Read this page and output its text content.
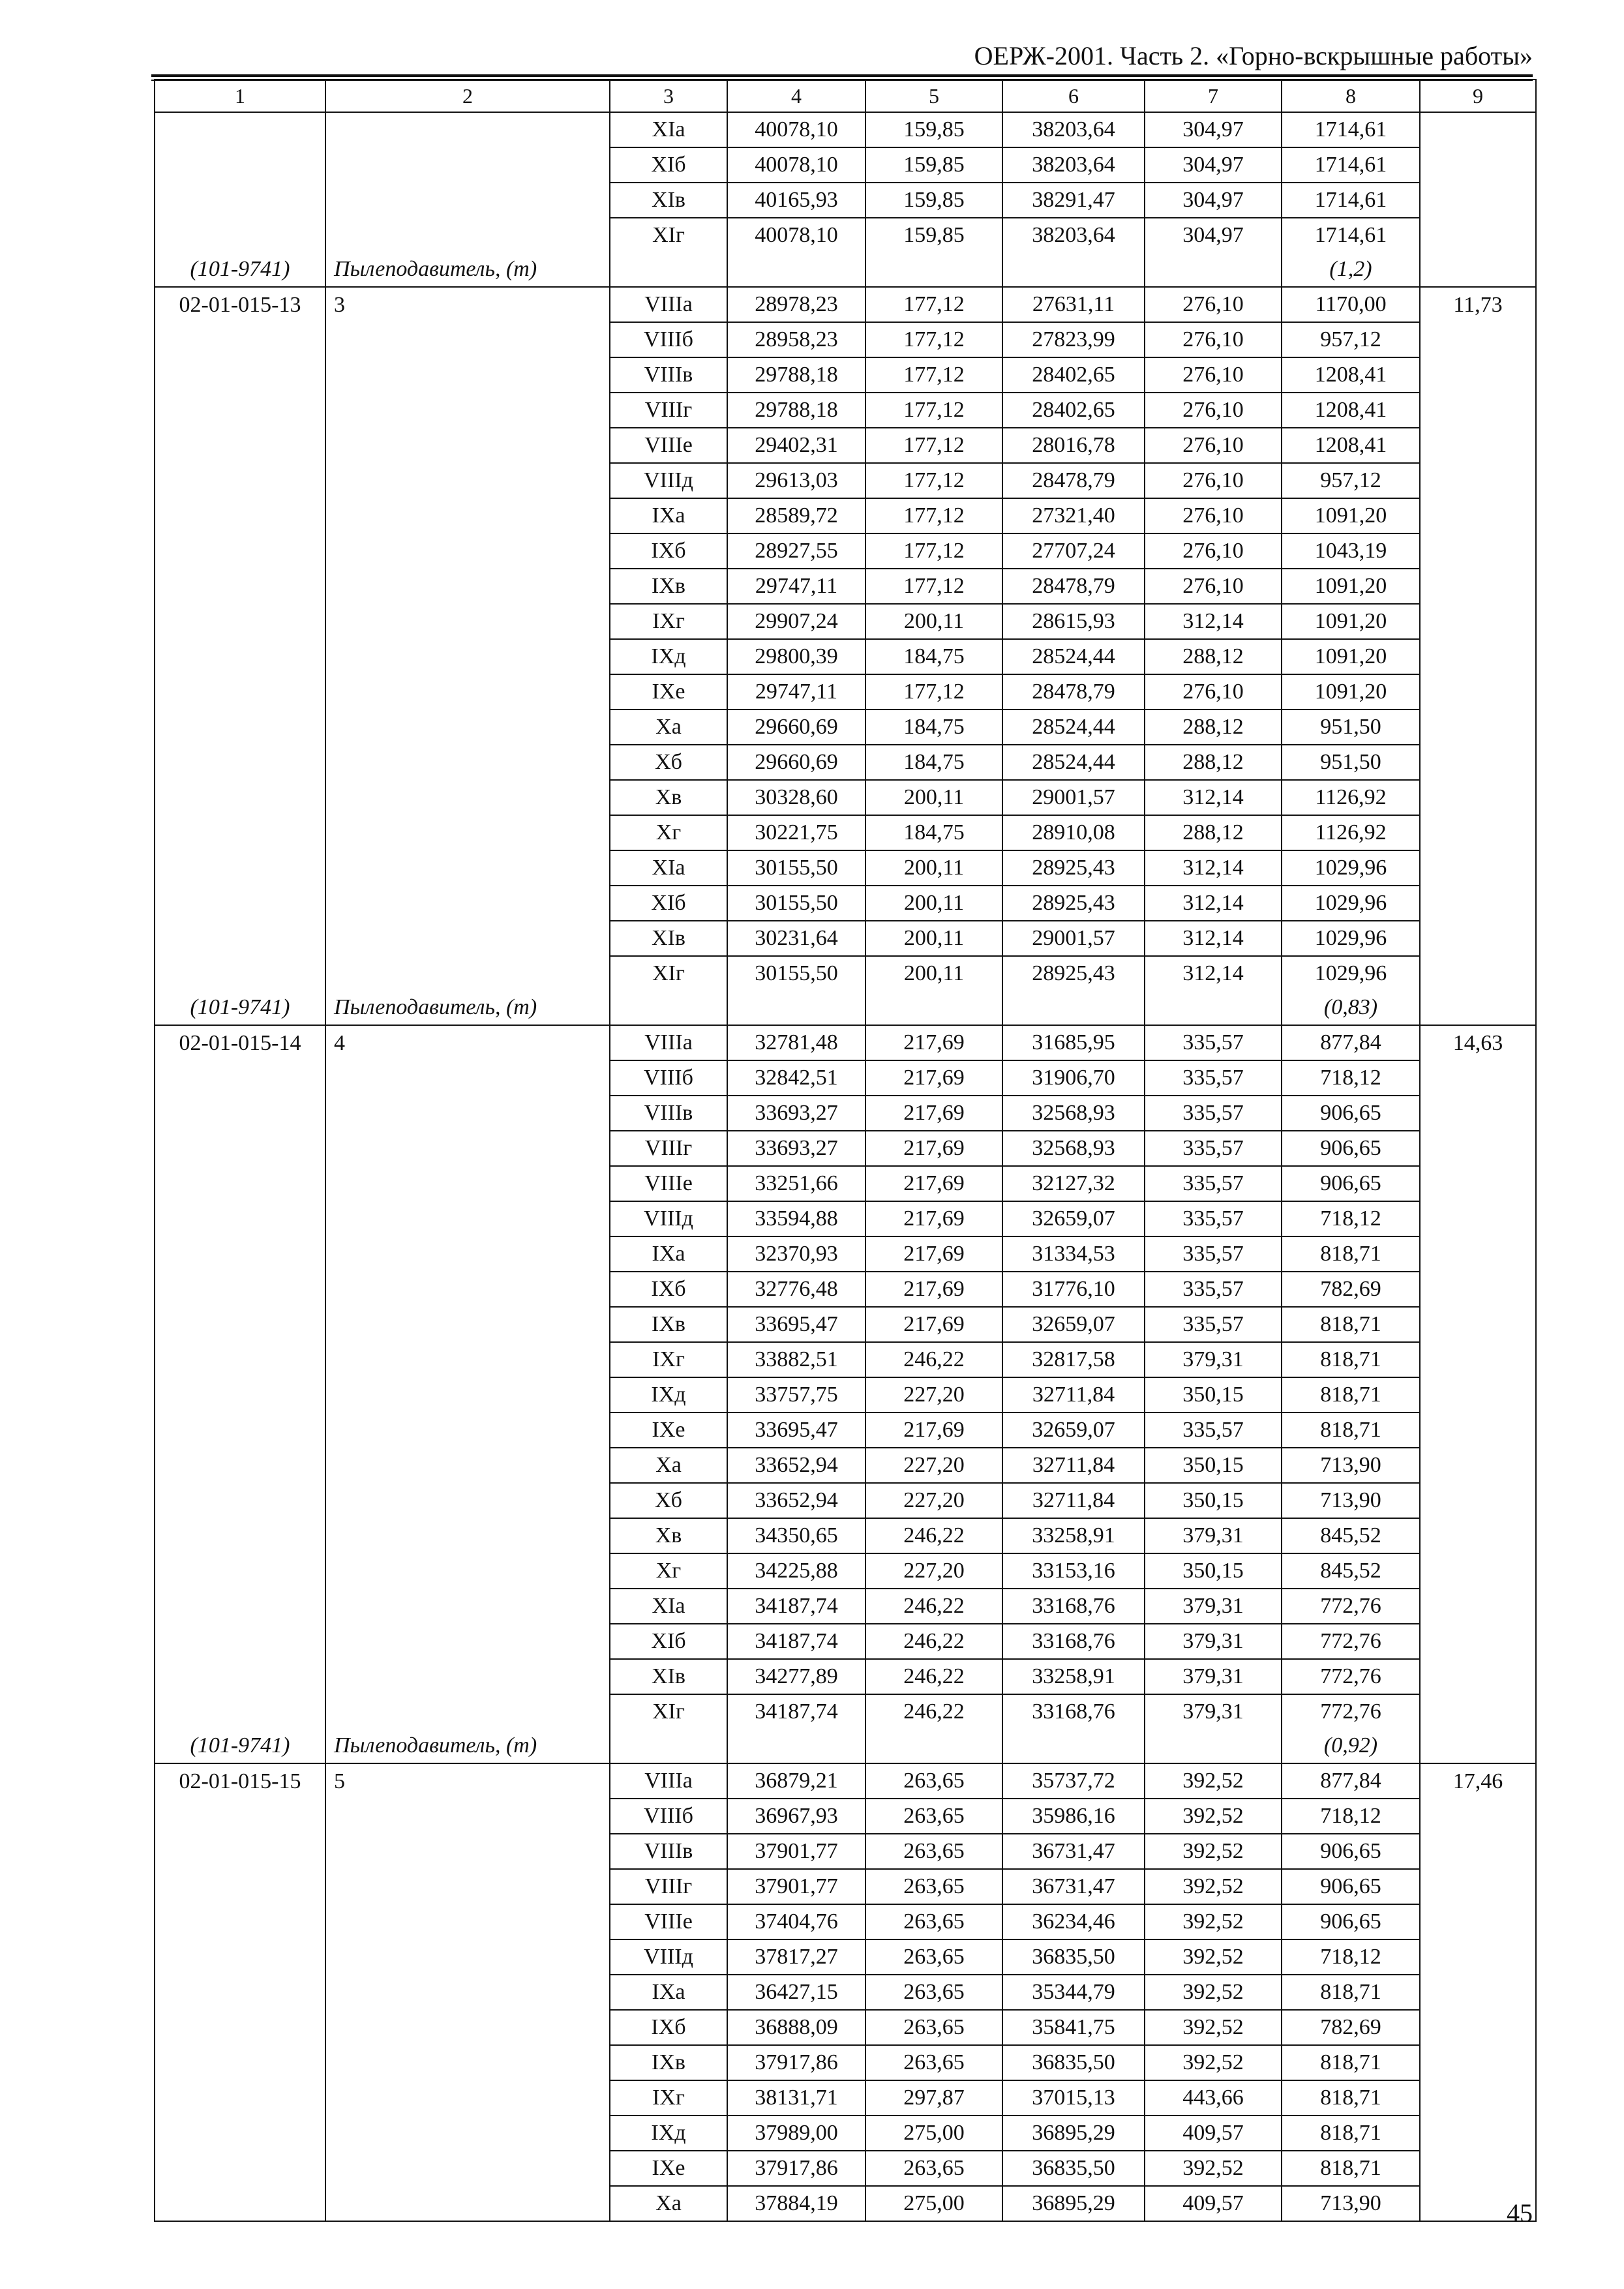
ОЕРЖ-2001. Часть 2. «Горно-вскрышные работы»
1	2	3	4	5	6	7	8	9
		XIа	40078,10	159,85	38203,64	304,97	1714,61	
		XIб	40078,10	159,85	38203,64	304,97	1714,61	
		XIв	40165,93	159,85	38291,47	304,97	1714,61	
		XIг	40078,10	159,85	38203,64	304,97	1714,61	
(101-9741)	Пылеподавитель, (т)						(1,2)	
02-01-015-13	3	VIIIа	28978,23	177,12	27631,11	276,10	1170,00	11,73
		VIIIб	28958,23	177,12	27823,99	276,10	957,12	
		VIIIв	29788,18	177,12	28402,65	276,10	1208,41	
		VIIIг	29788,18	177,12	28402,65	276,10	1208,41	
		VIIIе	29402,31	177,12	28016,78	276,10	1208,41	
		VIIIд	29613,03	177,12	28478,79	276,10	957,12	
		IXа	28589,72	177,12	27321,40	276,10	1091,20	
		IXб	28927,55	177,12	27707,24	276,10	1043,19	
		IXв	29747,11	177,12	28478,79	276,10	1091,20	
		IXг	29907,24	200,11	28615,93	312,14	1091,20	
		IXд	29800,39	184,75	28524,44	288,12	1091,20	
		IXе	29747,11	177,12	28478,79	276,10	1091,20	
		Xа	29660,69	184,75	28524,44	288,12	951,50	
		Xб	29660,69	184,75	28524,44	288,12	951,50	
		Xв	30328,60	200,11	29001,57	312,14	1126,92	
		Xг	30221,75	184,75	28910,08	288,12	1126,92	
		XIа	30155,50	200,11	28925,43	312,14	1029,96	
		XIб	30155,50	200,11	28925,43	312,14	1029,96	
		XIв	30231,64	200,11	29001,57	312,14	1029,96	
		XIг	30155,50	200,11	28925,43	312,14	1029,96	
(101-9741)	Пылеподавитель, (т)						(0,83)	
02-01-015-14	4	VIIIа	32781,48	217,69	31685,95	335,57	877,84	14,63
		VIIIб	32842,51	217,69	31906,70	335,57	718,12	
		VIIIв	33693,27	217,69	32568,93	335,57	906,65	
		VIIIг	33693,27	217,69	32568,93	335,57	906,65	
		VIIIе	33251,66	217,69	32127,32	335,57	906,65	
		VIIIд	33594,88	217,69	32659,07	335,57	718,12	
		IXа	32370,93	217,69	31334,53	335,57	818,71	
		IXб	32776,48	217,69	31776,10	335,57	782,69	
		IXв	33695,47	217,69	32659,07	335,57	818,71	
		IXг	33882,51	246,22	32817,58	379,31	818,71	
		IXд	33757,75	227,20	32711,84	350,15	818,71	
		IXе	33695,47	217,69	32659,07	335,57	818,71	
		Xа	33652,94	227,20	32711,84	350,15	713,90	
		Xб	33652,94	227,20	32711,84	350,15	713,90	
		Xв	34350,65	246,22	33258,91	379,31	845,52	
		Xг	34225,88	227,20	33153,16	350,15	845,52	
		XIа	34187,74	246,22	33168,76	379,31	772,76	
		XIб	34187,74	246,22	33168,76	379,31	772,76	
		XIв	34277,89	246,22	33258,91	379,31	772,76	
		XIг	34187,74	246,22	33168,76	379,31	772,76	
(101-9741)	Пылеподавитель, (т)						(0,92)	
02-01-015-15	5	VIIIа	36879,21	263,65	35737,72	392,52	877,84	17,46
		VIIIб	36967,93	263,65	35986,16	392,52	718,12	
		VIIIв	37901,77	263,65	36731,47	392,52	906,65	
		VIIIг	37901,77	263,65	36731,47	392,52	906,65	
		VIIIе	37404,76	263,65	36234,46	392,52	906,65	
		VIIIд	37817,27	263,65	36835,50	392,52	718,12	
		IXа	36427,15	263,65	35344,79	392,52	818,71	
		IXб	36888,09	263,65	35841,75	392,52	782,69	
		IXв	37917,86	263,65	36835,50	392,52	818,71	
		IXг	38131,71	297,87	37015,13	443,66	818,71	
		IXд	37989,00	275,00	36895,29	409,57	818,71	
		IXе	37917,86	263,65	36835,50	392,52	818,71	
		Xа	37884,19	275,00	36895,29	409,57	713,90		45
